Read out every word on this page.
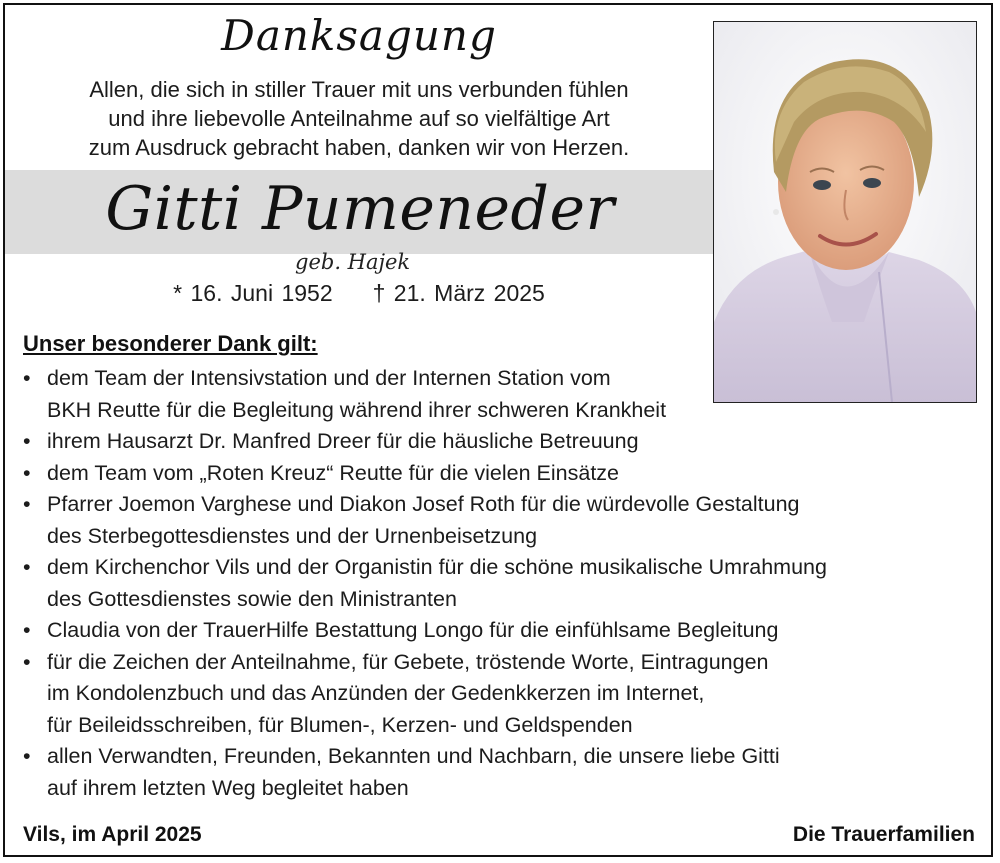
Danksagung
Allen, die sich in stiller Trauer mit uns verbunden fühlen
und ihre liebevolle Anteilnahme auf so vielfältige Art
zum Ausdruck gebracht haben, danken wir von Herzen.
Gitti Pumeneder
geb. Hajek
* 16. Juni 1952 † 21. März 2025
Unser besonderer Dank gilt:
• dem Team der Intensivstation und der Internen Station vom
BKH Reutte für die Begleitung während ihrer schweren Krankheit
• ihrem Hausarzt Dr. Manfred Dreer für die häusliche Betreuung
• dem Team vom „Roten Kreuz“ Reutte für die vielen Einsätze
• Pfarrer Joemon Varghese und Diakon Josef Roth für die würdevolle Gestaltung
des Sterbegottesdienstes und der Urnenbeisetzung
• dem Kirchenchor Vils und der Organistin für die schöne musikalische Umrahmung
des Gottesdienstes sowie den Ministranten
• Claudia von der TrauerHilfe Bestattung Longo für die einfühlsame Begleitung
• für die Zeichen der Anteilnahme, für Gebete, tröstende Worte, Eintragungen
im Kondolenzbuch und das Anzünden der Gedenkkerzen im Internet,
für Beileidsschreiben, für Blumen-, Kerzen- und Geldspenden
• allen Verwandten, Freunden, Bekannten und Nachbarn, die unsere liebe Gitti
auf ihrem letzten Weg begleitet haben
Vils, im April 2025	Die Trauerfamilien
